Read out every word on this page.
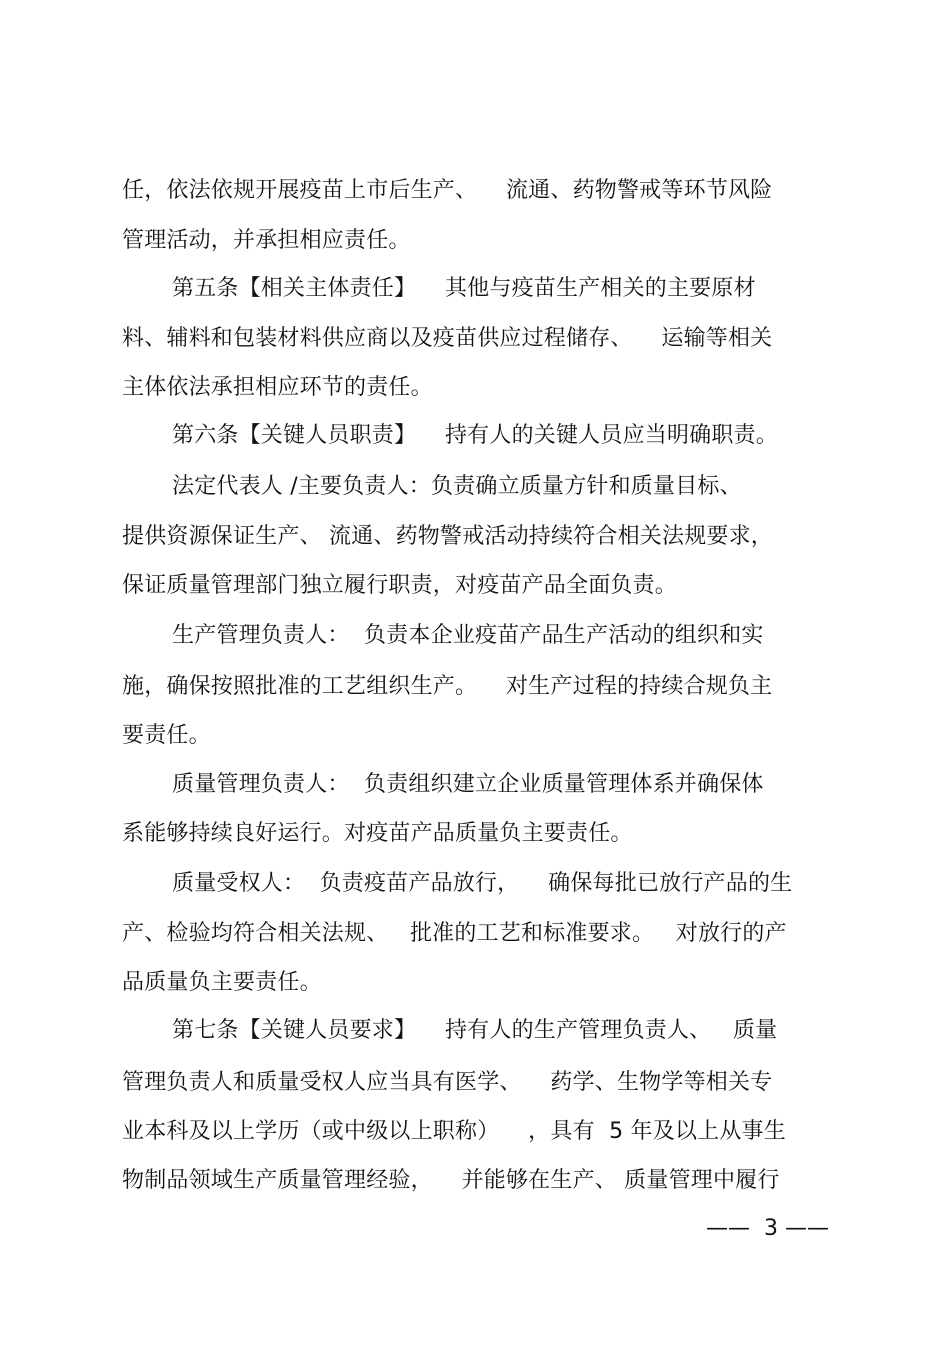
任，依法依规开展疫苗上市后生产、    流通、药物警戒等环节风险
管理活动，并承担相应责任。
第五条【相关主体责任】    其他与疫苗生产相关的主要原材
料、辅料和包装材料供应商以及疫苗供应过程储存、    运输等相关
主体依法承担相应环节的责任。
第六条【关键人员职责】    持有人的关键人员应当明确职责。
法定代表人 /主要负责人：负责确立质量方针和质量目标、
提供资源保证生产、 流通、药物警戒活动持续符合相关法规要求，
保证质量管理部门独立履行职责，对疫苗产品全面负责。
生产管理负责人：  负责本企业疫苗产品生产活动的组织和实
施，确保按照批准的工艺组织生产。    对生产过程的持续合规负主
要责任。
质量管理负责人：  负责组织建立企业质量管理体系并确保体
系能够持续良好运行。对疫苗产品质量负主要责任。
质量受权人：  负责疫苗产品放行，    确保每批已放行产品的生
产、检验均符合相关法规、   批准的工艺和标准要求。   对放行的产
品质量负主要责任。
第七条【关键人员要求】    持有人的生产管理负责人、   质量
管理负责人和质量受权人应当具有医学、    药学、生物学等相关专
业本科及以上学历（或中级以上职称）    ，具有  5 年及以上从事生
物制品领域生产质量管理经验，    并能够在生产、 质量管理中履行
——  3 ——
